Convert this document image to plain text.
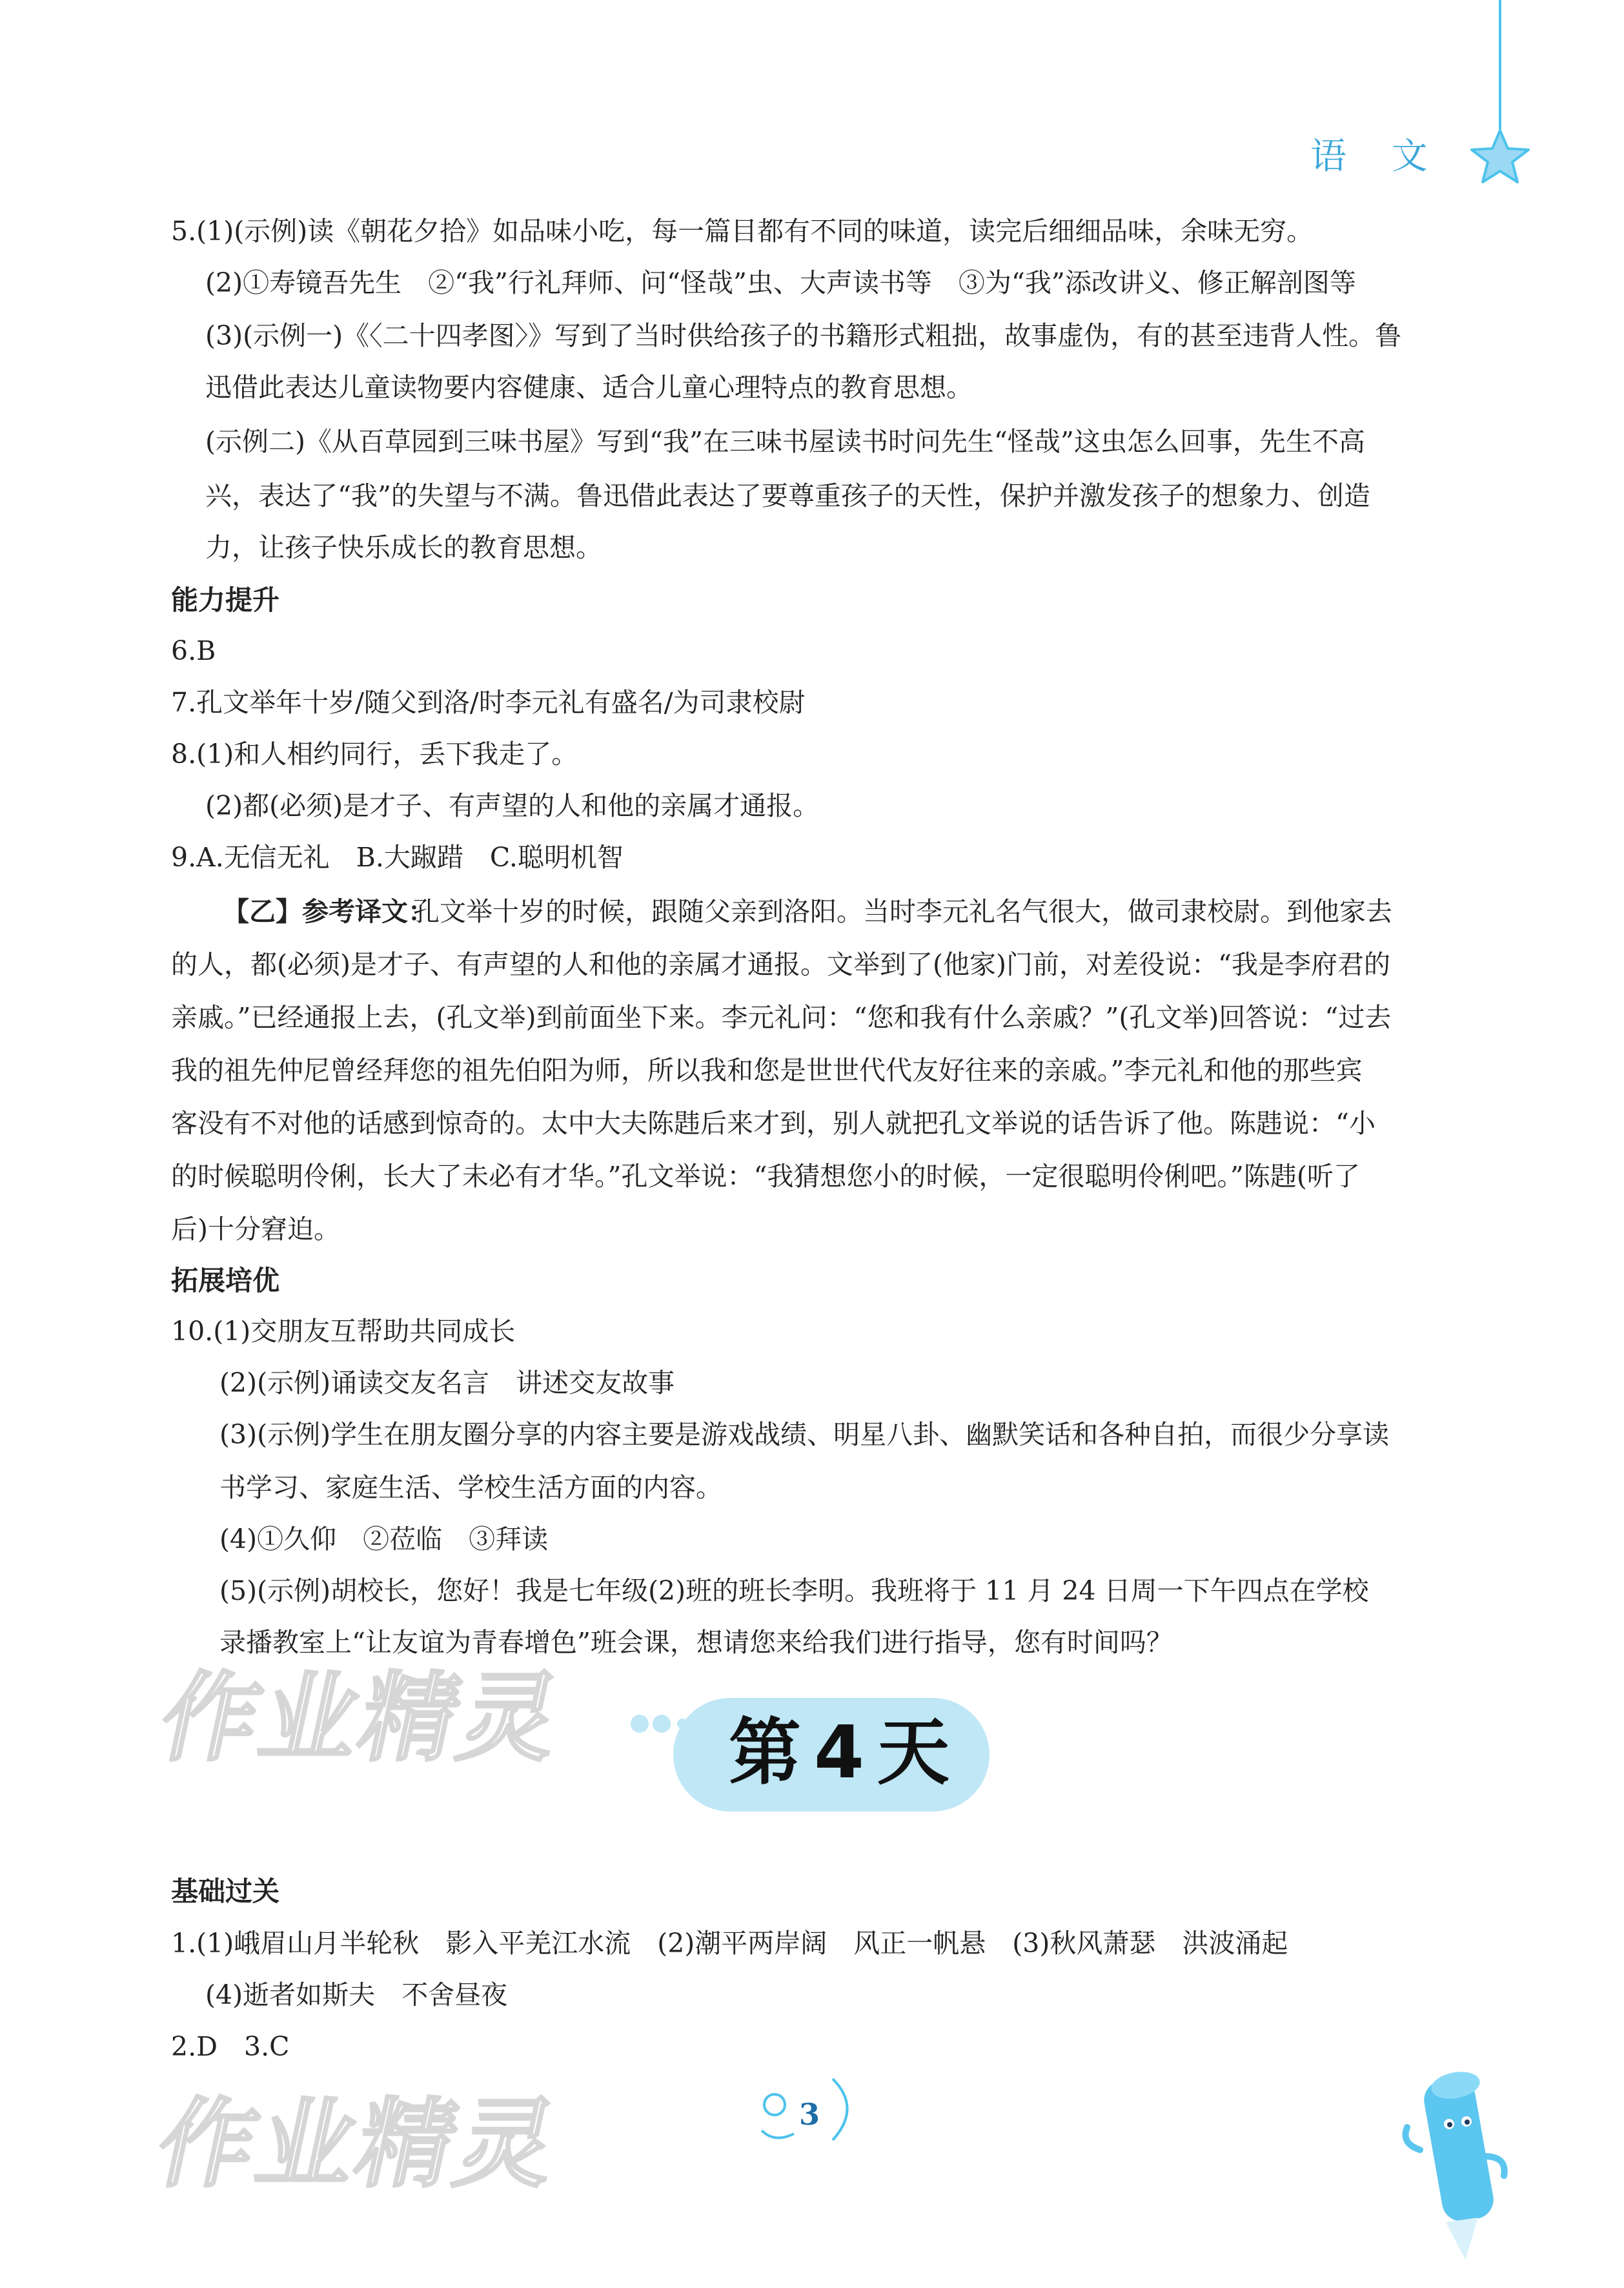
语 文
5.(1)(示例)读《朝花夕拾》如品味小吃，每一篇目都有不同的味道，读完后细细品味，余味无穷。
(2)①寿镜吾先生　②“我”行礼拜师、问“怪哉”虫、大声读书等　③为“我”添改讲义、修正解剖图等
(3)(示例一)《〈二十四孝图〉》写到了当时供给孩子的书籍形式粗拙，故事虚伪，有的甚至违背人性。鲁
迅借此表达儿童读物要内容健康、适合儿童心理特点的教育思想。
(示例二)《从百草园到三味书屋》写到“我”在三味书屋读书时问先生“怪哉”这虫怎么回事，先生不高
兴，表达了“我”的失望与不满。鲁迅借此表达了要尊重孩子的天性，保护并激发孩子的想象力、创造
力，让孩子快乐成长的教育思想。
能力提升
6.B
7.孔文举年十岁/随父到洛/时李元礼有盛名/为司隶校尉
8.(1)和人相约同行，丢下我走了。
(2)都(必须)是才子、有声望的人和他的亲属才通报。
9.A.无信无礼　B.大踧踖　C.聪明机智
【乙】参考译文：
孔文举十岁的时候，跟随父亲到洛阳。当时李元礼名气很大，做司隶校尉。到他家去
的人，都(必须)是才子、有声望的人和他的亲属才通报。文举到了(他家)门前，对差役说：“我是李府君的
亲戚。”已经通报上去，(孔文举)到前面坐下来。李元礼问：“您和我有什么亲戚？”(孔文举)回答说：“过去
我的祖先仲尼曾经拜您的祖先伯阳为师，所以我和您是世世代代友好往来的亲戚。”李元礼和他的那些宾
客没有不对他的话感到惊奇的。太中大夫陈韪后来才到，别人就把孔文举说的话告诉了他。陈韪说：“小
的时候聪明伶俐，长大了未必有才华。”孔文举说：“我猜想您小的时候，一定很聪明伶俐吧。”陈韪(听了
后)十分窘迫。
拓展培优
10.(1)交朋友互帮助共同成长
(2)(示例)诵读交友名言　讲述交友故事
(3)(示例)学生在朋友圈分享的内容主要是游戏战绩、明星八卦、幽默笑话和各种自拍，而很少分享读
书学习、家庭生活、学校生活方面的内容。
(4)①久仰　②莅临　③拜读
(5)(示例)胡校长，您好！我是七年级(2)班的班长李明。我班将于 11 月 24 日周一下午四点在学校
录播教室上“让友谊为青春增色”班会课，想请您来给我们进行指导，您有时间吗？
作业精灵 第4天
基础过关
1.(1)峨眉山月半轮秋　影入平羌江水流　(2)潮平两岸阔　风正一帆悬　(3)秋风萧瑟　洪波涌起
(4)逝者如斯夫　不舍昼夜
2.D　3.C
作业精灵	3
